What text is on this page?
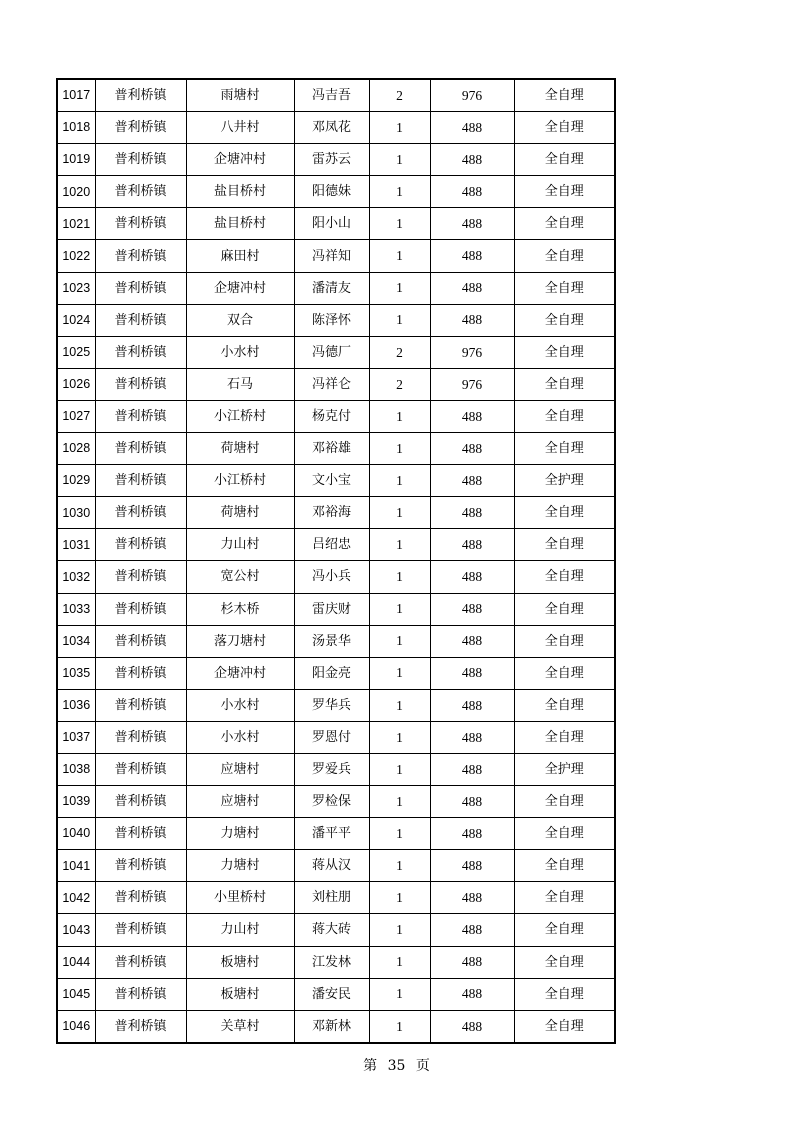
1017	普利桥镇	雨塘村	冯吉吾	2	976	全自理
1018	普利桥镇	八井村	邓凤花	1	488	全自理
1019	普利桥镇	企塘冲村	雷苏云	1	488	全自理
1020	普利桥镇	盐目桥村	阳德妹	1	488	全自理
1021	普利桥镇	盐目桥村	阳小山	1	488	全自理
1022	普利桥镇	麻田村	冯祥知	1	488	全自理
1023	普利桥镇	企塘冲村	潘清友	1	488	全自理
1024	普利桥镇	双合	陈泽怀	1	488	全自理
1025	普利桥镇	小水村	冯德厂	2	976	全自理
1026	普利桥镇	石马	冯祥仑	2	976	全自理
1027	普利桥镇	小江桥村	杨克付	1	488	全自理
1028	普利桥镇	荷塘村	邓裕雄	1	488	全自理
1029	普利桥镇	小江桥村	文小宝	1	488	全护理
1030	普利桥镇	荷塘村	邓裕海	1	488	全自理
1031	普利桥镇	力山村	吕绍忠	1	488	全自理
1032	普利桥镇	宽公村	冯小兵	1	488	全自理
1033	普利桥镇	杉木桥	雷庆财	1	488	全自理
1034	普利桥镇	落刀塘村	汤景华	1	488	全自理
1035	普利桥镇	企塘冲村	阳金亮	1	488	全自理
1036	普利桥镇	小水村	罗华兵	1	488	全自理
1037	普利桥镇	小水村	罗恩付	1	488	全自理
1038	普利桥镇	应塘村	罗爱兵	1	488	全护理
1039	普利桥镇	应塘村	罗检保	1	488	全自理
1040	普利桥镇	力塘村	潘平平	1	488	全自理
1041	普利桥镇	力塘村	蒋从汉	1	488	全自理
1042	普利桥镇	小里桥村	刘柱朋	1	488	全自理
1043	普利桥镇	力山村	蒋大砖	1	488	全自理
1044	普利桥镇	板塘村	江发林	1	488	全自理
1045	普利桥镇	板塘村	潘安民	1	488	全自理
1046	普利桥镇	关草村	邓新林	1	488	全自理
第 35 页
